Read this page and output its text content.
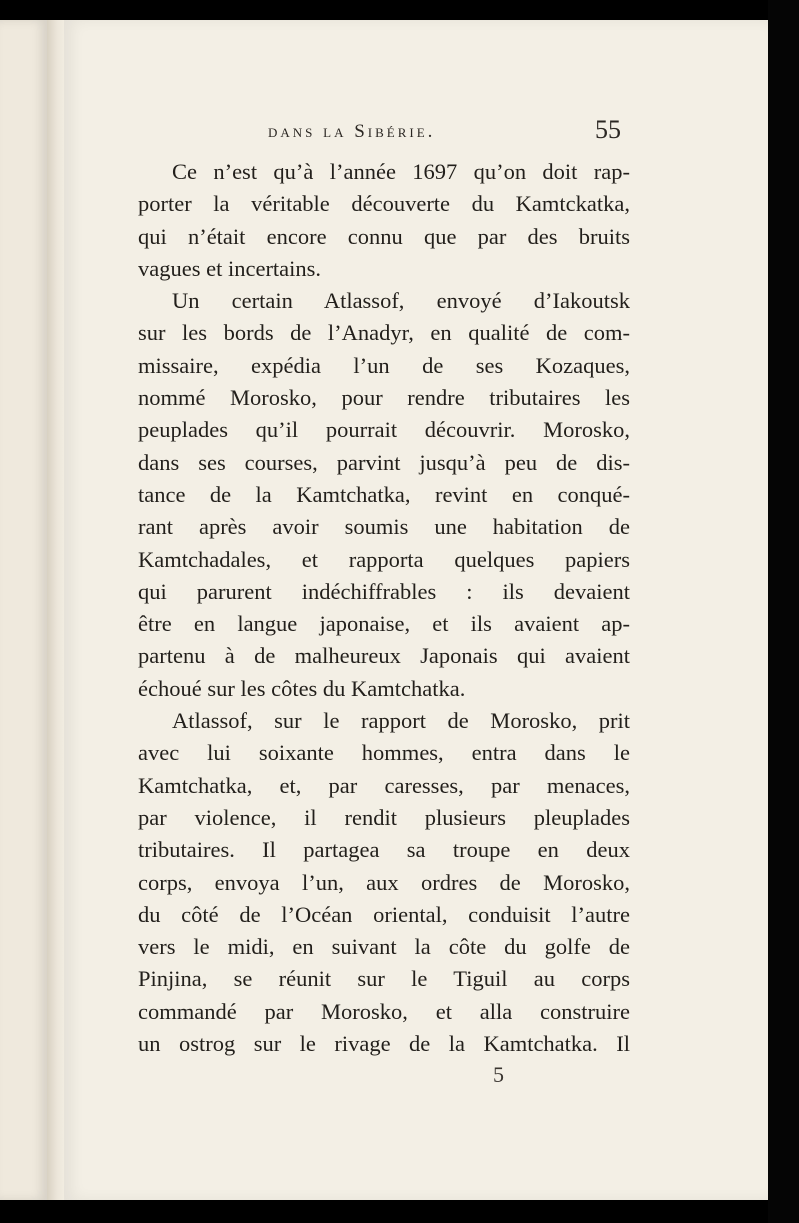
dans la Sibérie.	55
Ce n’est qu’à l’année 1697 qu’on doit rap-
porter la véritable découverte du Kamtckatka,
qui n’était encore connu que par des bruits
vagues et incertains.
Un certain Atlassof, envoyé d’Iakoutsk
sur les bords de l’Anadyr, en qualité de com-
missaire, expédia l’un de ses Kozaques,
nommé Morosko, pour rendre tributaires les
peuplades qu’il pourrait découvrir. Morosko,
dans ses courses, parvint jusqu’à peu de dis-
tance de la Kamtchatka, revint en conqué-
rant après avoir soumis une habitation de
Kamtchadales, et rapporta quelques papiers
qui parurent indéchiffrables : ils devaient
être en langue japonaise, et ils avaient ap-
partenu à de malheureux Japonais qui avaient
échoué sur les côtes du Kamtchatka.
Atlassof, sur le rapport de Morosko, prit
avec lui soixante hommes, entra dans le
Kamtchatka, et, par caresses, par menaces,
par violence, il rendit plusieurs pleuplades
tributaires. Il partagea sa troupe en deux
corps, envoya l’un, aux ordres de Morosko,
du côté de l’Océan oriental, conduisit l’autre
vers le midi, en suivant la côte du golfe de
Pinjina, se réunit sur le Tiguil au corps
commandé par Morosko, et alla construire
un ostrog sur le rivage de la Kamtchatka. Il
5
